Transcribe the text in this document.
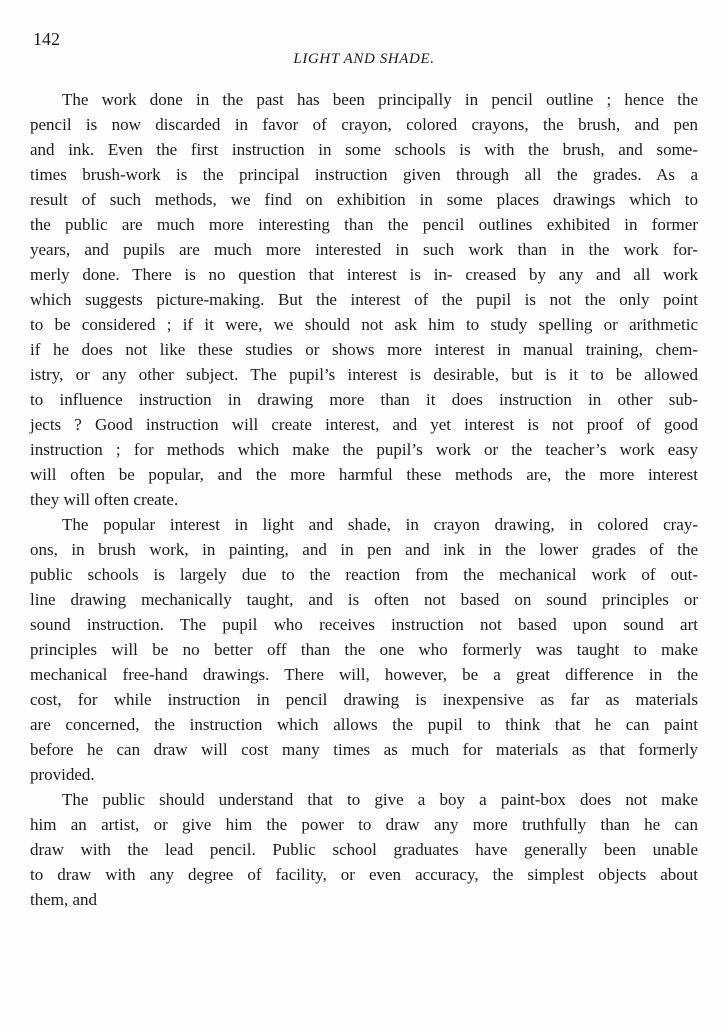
142
LIGHT AND SHADE.
The work done in the past has been principally in pencil outline ; hence the
pencil is now discarded in favor of crayon, colored crayons, the brush, and pen
and ink. Even the first instruction in some schools is with the brush, and some-
times brush-work is the principal instruction given through all the grades. As a
result of such methods, we find on exhibition in some places drawings which to
the public are much more interesting than the pencil outlines exhibited in former
years, and pupils are much more interested in such work than in the work for-
merly done. There is no question that interest is in- creased by any and all work
which suggests picture-making. But the interest of the pupil is not the only point
to be considered ; if it were, we should not ask him to study spelling or arithmetic
if he does not like these studies or shows more interest in manual training, chem-
istry, or any other subject. The pupil’s interest is desirable, but is it to be allowed
to influence instruction in drawing more than it does instruction in other sub-
jects ? Good instruction will create interest, and yet interest is not proof of good
instruction ; for methods which make the pupil’s work or the teacher’s work easy
will often be popular, and the more harmful these methods are, the more interest
they will often create.
The popular interest in light and shade, in crayon drawing, in colored cray-
ons, in brush work, in painting, and in pen and ink in the lower grades of the
public schools is largely due to the reaction from the mechanical work of out-
line drawing mechanically taught, and is often not based on sound principles or
sound instruction. The pupil who receives instruction not based upon sound art
principles will be no better off than the one who formerly was taught to make
mechanical free-hand drawings. There will, however, be a great difference in the
cost, for while instruction in pencil drawing is inexpensive as far as materials
are concerned, the instruction which allows the pupil to think that he can paint
before he can draw will cost many times as much for materials as that formerly
provided.
The public should understand that to give a boy a paint-box does not make
him an artist, or give him the power to draw any more truthfully than he can
draw with the lead pencil. Public school graduates have generally been unable
to draw with any degree of facility, or even accuracy, the simplest objects about
them, and
